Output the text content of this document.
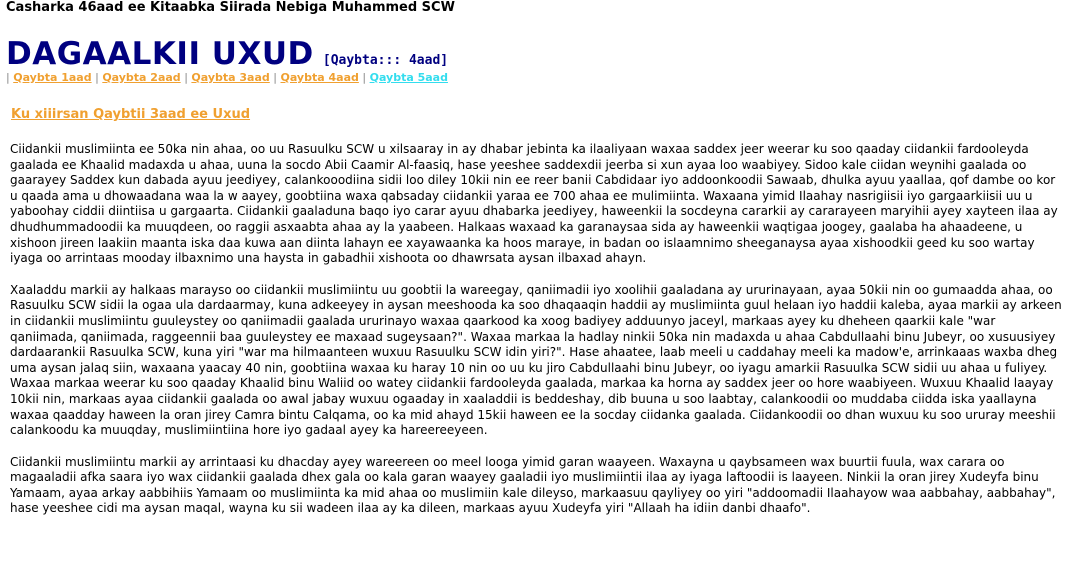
Casharka 46aad ee Kitaabka Siirada Nebiga Muhammed SCW
DAGAALKII UXUD [Qaybta::: 4aad]
| Qaybta 1aad | Qaybta 2aad | Qaybta 3aad | Qaybta 4aad | Qaybta 5aad
Ku xiiirsan Qaybtii 3aad ee Uxud

Ciidankii muslimiinta ee 50ka nin ahaa, oo uu Rasuulku SCW u xilsaaray in ay dhabar jebinta ka ilaaliyaan waxaa saddex jeer weerar ku soo qaaday ciidankii fardooleyda gaalada ee Khaalid madaxda u ahaa, uuna la socdo Abii Caamir Al-faasiq, hase yeeshee saddexdii jeerba si xun ayaa loo waabiyey. Sidoo kale ciidan weynihi gaalada oo gaarayey Saddex kun dabada ayuu jeediyey, calankooodiina sidii loo diley 10kii nin ee reer banii Cabdidaar iyo addoonkoodii Sawaab, dhulka ayuu yaallaa, qof dambe oo kor u qaada ama u dhowaadana waa la w aayey, goobtiina waxa qabsaday ciidankii yaraa ee 700 ahaa ee mulimiinta. Waxaana yimid Ilaahay nasrigiisii iyo gargaarkiisii uu u yaboohay ciddii diintiisa u gargaarta. Ciidankii gaaladuna baqo iyo carar ayuu dhabarka jeediyey, haweenkii la socdeyna cararkii ay cararayeen maryihii ayey xayteen ilaa ay dhudhummadoodii ka muuqdeen, oo raggii asxaabta ahaa ay la yaabeen. Halkaas waxaad ka garanaysaa sida ay haweenkii waqtigaa joogey, gaalaba ha ahaadeene, u xishoon jireen laakiin maanta iska daa kuwa aan diinta lahayn ee xayawaanka ka hoos maraye, in badan oo islaamnimo sheeganaysa ayaa xishoodkii geed ku soo wartay iyaga oo arrintaas mooday ilbaxnimo una haysta in gabadhii xishoota oo dhawrsata aysan ilbaxad ahayn.

Xaaladdu markii ay halkaas marayso oo ciidankii muslimiintu uu goobtii la wareegay, qaniimadii iyo xoolihii gaaladana ay ururinayaan, ayaa 50kii nin oo gumaadda ahaa, oo Rasuulku SCW sidii la ogaa ula dardaarmay, kuna adkeeyey in aysan meeshooda ka soo dhaqaaqin haddii ay muslimiinta guul helaan iyo haddii kaleba, ayaa markii ay arkeen in ciidankii muslimiintu guuleystey oo qaniimadii gaalada ururinayo waxaa qaarkood ka xoog badiyey adduunyo jaceyl, markaas ayey ku dheheen qaarkii kale "war qaniimada, qaniimada, raggeennii baa guuleystey ee maxaad sugeysaan?". Waxaa markaa la hadlay ninkii 50ka nin madaxda u ahaa Cabdullaahi binu Jubeyr, oo xusuusiyey dardaarankii Rasuulka SCW, kuna yiri "war ma hilmaanteen wuxuu Rasuulku SCW idin yiri?". Hase ahaatee, laab meeli u caddahay meeli ka madow'e, arrinkaaas waxba dheg uma aysan jalaq siin, waxaana yaacay 40 nin, goobtiina waxaa ku haray 10 nin oo uu ku jiro Cabdullaahi binu Jubeyr, oo iyagu amarkii Rasuulka SCW sidii uu ahaa u fuliyey. Waxaa markaa weerar ku soo qaaday Khaalid binu Waliid oo watey ciidankii fardooleyda gaalada, markaa ka horna ay saddex jeer oo hore waabiyeen. Wuxuu Khaalid laayay 10kii nin, markaas ayaa ciidankii gaalada oo awal jabay wuxuu ogaaday in xaaladdii is beddeshay, dib buuna u soo laabtay, calankoodii oo muddaba ciidda iska yaallayna waxaa qaadday haween la oran jirey Camra bintu Calqama, oo ka mid ahayd 15kii haween ee la socday ciidanka gaalada. Ciidankoodii oo dhan wuxuu ku soo ururay meeshii calankoodu ka muuqday, muslimiintiina hore iyo gadaal ayey ka hareereeyeen.

Ciidankii muslimiintu markii ay arrintaasi ku dhacday ayey wareereen oo meel looga yimid garan waayeen. Waxayna u qaybsameen wax buurtii fuula, wax carara oo magaaladii afka saara iyo wax ciidankii gaalada dhex gala oo kala garan waayey gaaladii iyo muslimiintii ilaa ay iyaga laftoodii is laayeen. Ninkii la oran jirey Xudeyfa binu Yamaam, ayaa arkay aabbihiis Yamaam oo muslimiinta ka mid ahaa oo muslimiin kale dileyso, markaasuu qayliyey oo yiri "addoomadii Ilaahayow waa aabbahay, aabbahay", hase yeeshee cidi ma aysan maqal, wayna ku sii wadeen ilaa ay ka dileen, markaas ayuu Xudeyfa yiri "Allaah ha idiin danbi dhaafo".
